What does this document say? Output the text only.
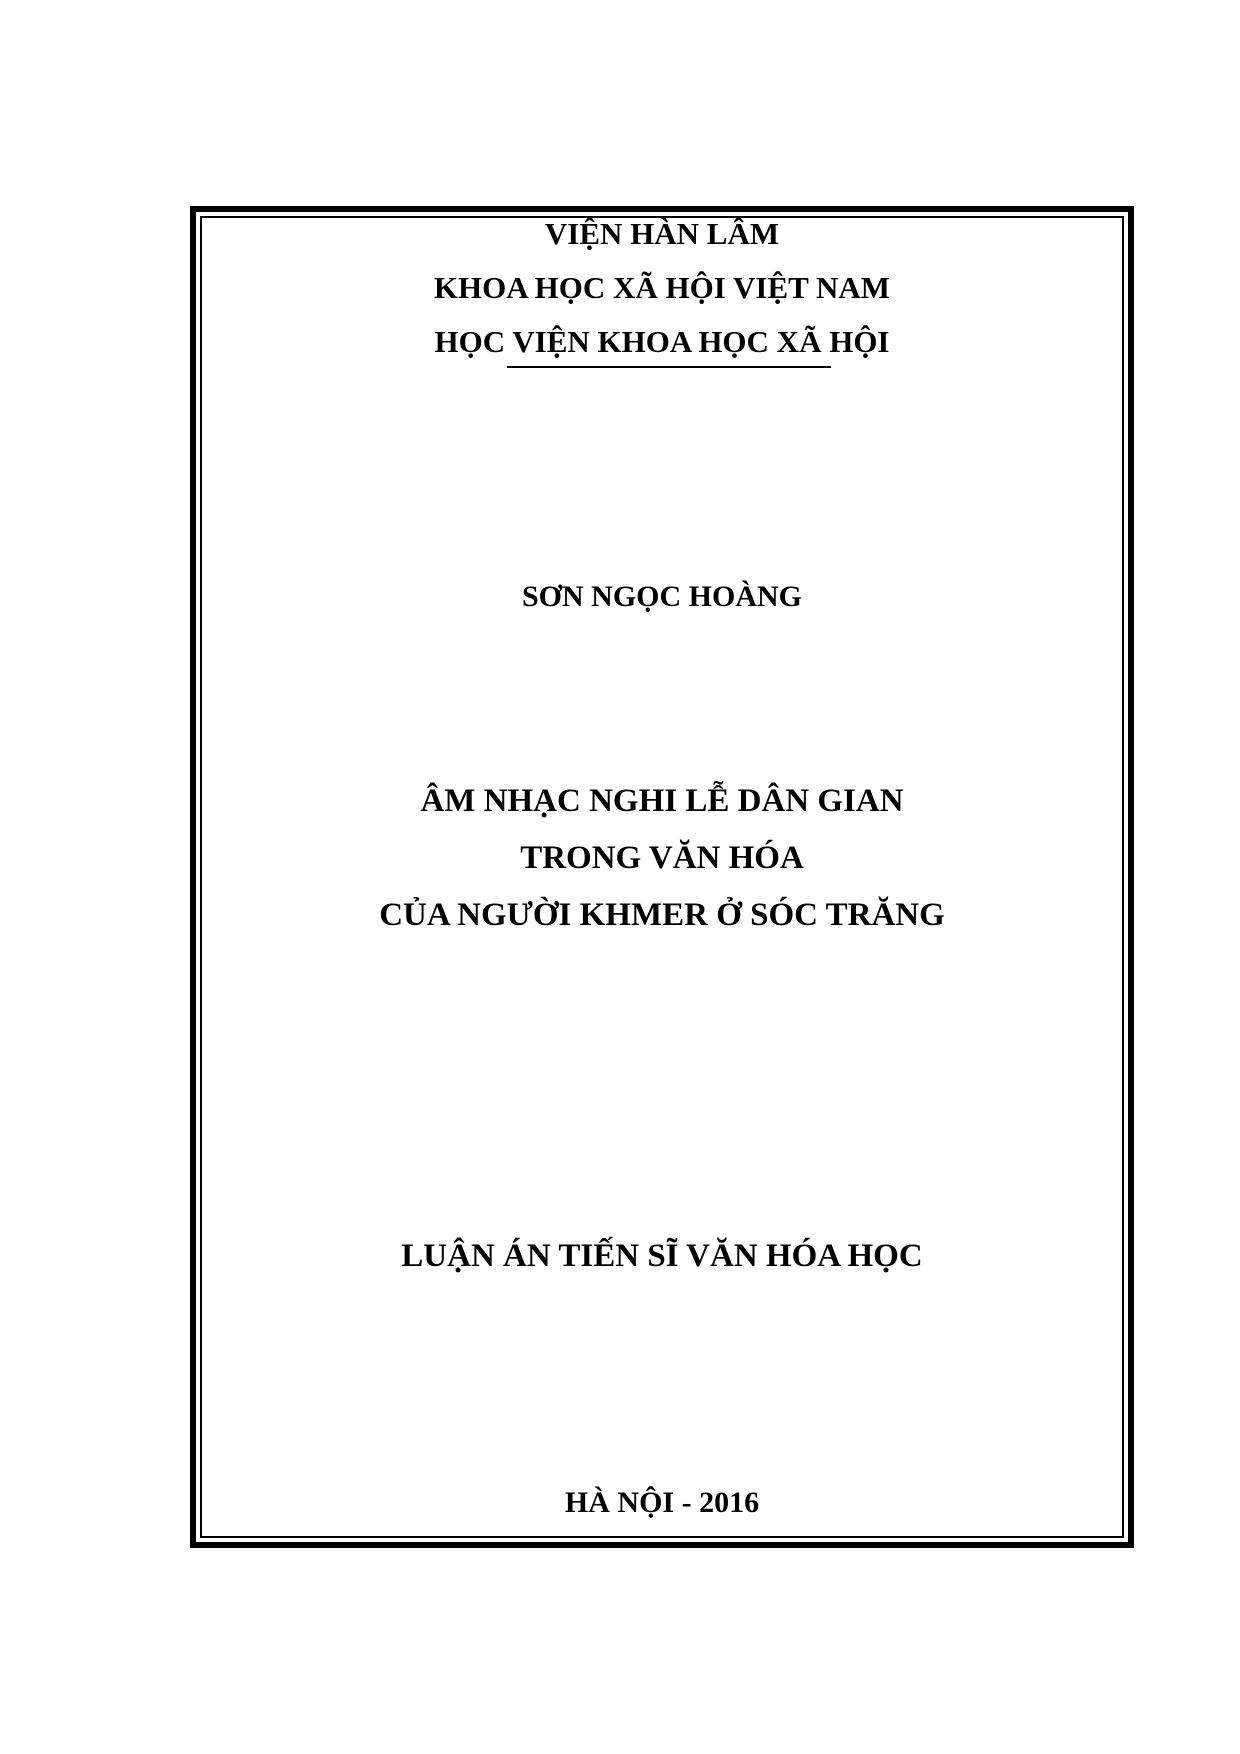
VIỆN HÀN LÂM
KHOA HỌC XÃ HỘI VIỆT NAM
HỌC VIỆN KHOA HỌC XÃ HỘI
SƠN NGỌC HOÀNG
ÂM NHẠC NGHI LỄ DÂN GIAN
TRONG VĂN HÓA
CỦA NGƯỜI KHMER Ở SÓC TRĂNG
LUẬN ÁN TIẾN SĨ VĂN HÓA HỌC
HÀ NỘI - 2016
